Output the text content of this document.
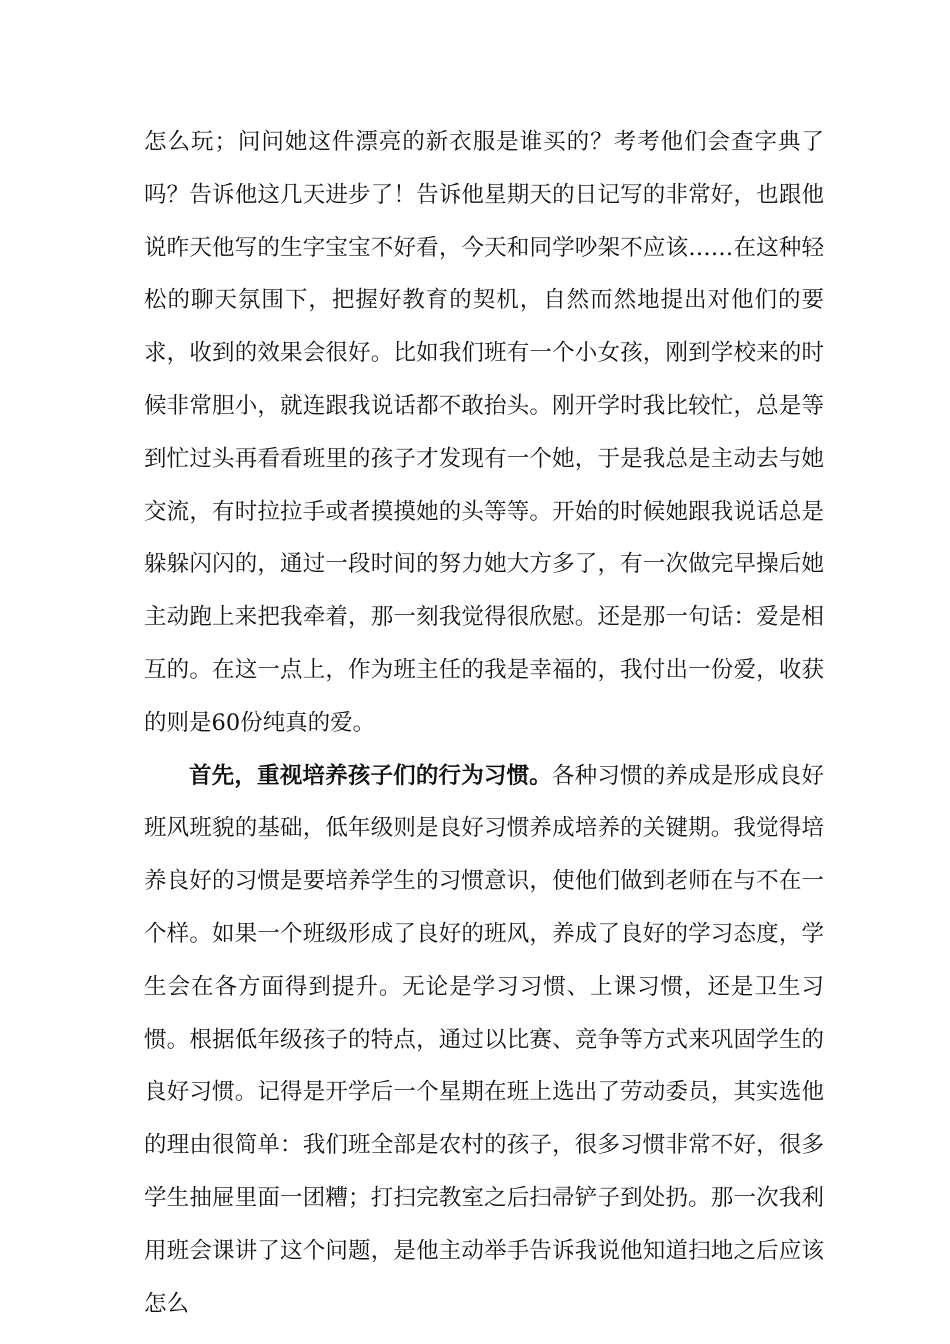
怎么玩；问问她这件漂亮的新衣服是谁买的？考考他们会查字典了吗？告诉他这几天进步了！告诉他星期天的日记写的非常好，也跟他说昨天他写的生字宝宝不好看，今天和同学吵架不应该……在这种轻松的聊天氛围下，把握好教育的契机，自然而然地提出对他们的要求，收到的效果会很好。比如我们班有一个小女孩，刚到学校来的时候非常胆小，就连跟我说话都不敢抬头。刚开学时我比较忙，总是等到忙过头再看看班里的孩子才发现有一个她，于是我总是主动去与她交流，有时拉拉手或者摸摸她的头等等。开始的时候她跟我说话总是躲躲闪闪的，通过一段时间的努力她大方多了，有一次做完早操后她主动跑上来把我牵着，那一刻我觉得很欣慰。还是那一句话：爱是相互的。在这一点上，作为班主任的我是幸福的，我付出一份爱，收获的则是60份纯真的爱。

首先，重视培养孩子们的行为习惯。各种习惯的养成是形成良好班风班貌的基础，低年级则是良好习惯养成培养的关键期。我觉得培养良好的习惯是要培养学生的习惯意识，使他们做到老师在与不在一个样。如果一个班级形成了良好的班风，养成了良好的学习态度，学生会在各方面得到提升。无论是学习习惯、上课习惯，还是卫生习惯。根据低年级孩子的特点，通过以比赛、竞争等方式来巩固学生的良好习惯。记得是开学后一个星期在班上选出了劳动委员，其实选他的理由很简单：我们班全部是农村的孩子，很多习惯非常不好，很多学生抽屉里面一团糟；打扫完教室之后扫帚铲子到处扔。那一次我利用班会课讲了这个问题，是他主动举手告诉我说他知道扫地之后应该怎么
